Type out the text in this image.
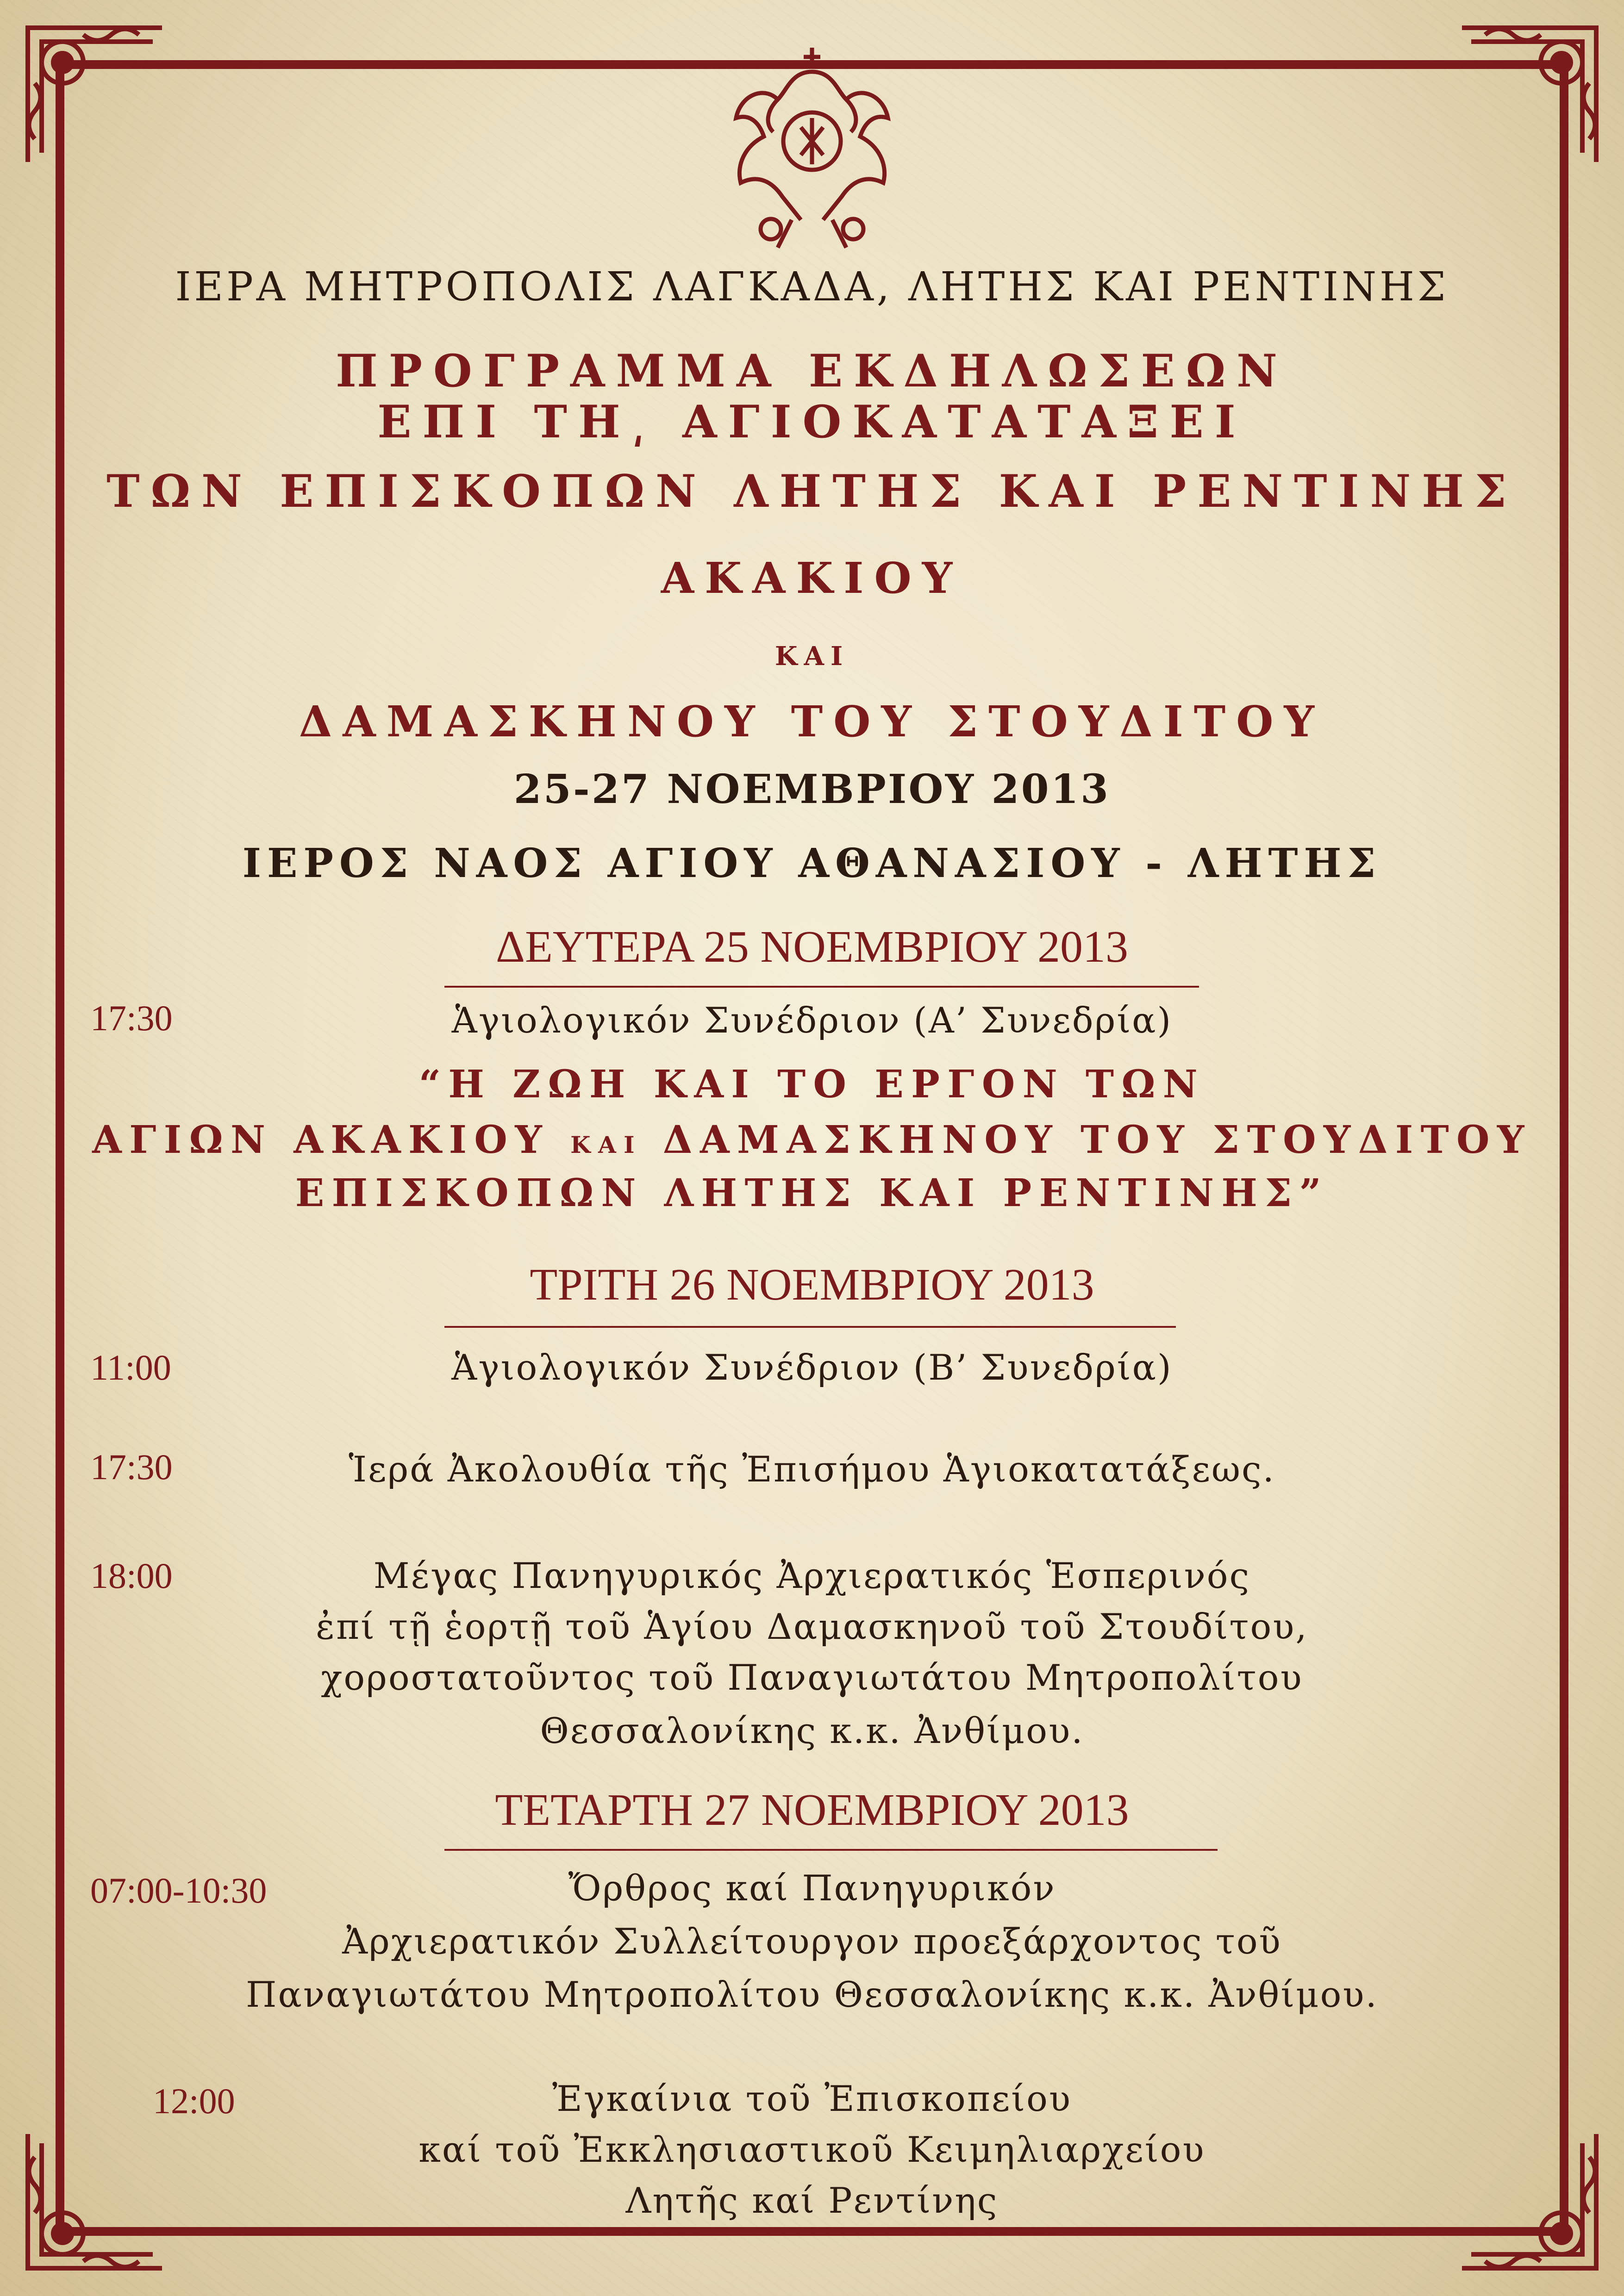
ΙΕΡΑ ΜΗΤΡΟΠΟΛΙΣ ΛΑΓΚΑΔΑ, ΛΗΤΗΣ ΚΑΙ ΡΕΝΤΙΝΗΣ
ΠΡΟΓΡΑΜΜΑ ΕΚΔΗΛΩΣΕΩΝ
ΕΠΙ ΤΗ͵ ΑΓΙΟΚΑΤΑΤΑΞΕΙ
ΤΩΝ ΕΠΙΣΚΟΠΩΝ ΛΗΤΗΣ ΚΑΙ ΡΕΝΤΙΝΗΣ
ΑΚΑΚΙΟΥ
ΚΑΙ
ΔΑΜΑΣΚΗΝΟΥ ΤΟΥ ΣΤΟΥΔΙΤΟΥ
25-27 ΝΟΕΜΒΡΙΟΥ 2013
ΙΕΡΟΣ ΝΑΟΣ ΑΓΙΟΥ ΑΘΑΝΑΣΙΟΥ - ΛΗΤΗΣ
ΔΕΥΤΕΡΑ 25 ΝΟΕΜΒΡΙΟΥ 2013
17:30	Ἁγιολογικόν Συνέδριον (Α’ Συνεδρία)
“Η ΖΩΗ ΚΑΙ ΤΟ ΕΡΓΟΝ ΤΩΝ
ΑΓΙΩΝ ΑΚΑΚΙΟΥ ΚΑΙ ΔΑΜΑΣΚΗΝΟΥ ΤΟΥ ΣΤΟΥΔΙΤΟΥ
ΕΠΙΣΚΟΠΩΝ ΛΗΤΗΣ ΚΑΙ ΡΕΝΤΙΝΗΣ”
ΤΡΙΤΗ 26 ΝΟΕΜΒΡΙΟΥ 2013
11:00	Ἁγιολογικόν Συνέδριον (Β’ Συνεδρία)
17:30	Ἱερά Ἀκολουθία τῆς Ἐπισήμου Ἁγιοκατατάξεως.
18:00	Μέγας Πανηγυρικός Ἀρχιερατικός Ἑσπερινός
ἐπί τῇ ἑορτῇ τοῦ Ἁγίου Δαμασκηνοῦ τοῦ Στουδίτου,
χοροστατοῦντος τοῦ Παναγιωτάτου Μητροπολίτου
Θεσσαλονίκης κ.κ. Ἀνθίμου.
ΤΕΤΑΡΤΗ 27 ΝΟΕΜΒΡΙΟΥ 2013
07:00-10:30	Ὄρθρος καί Πανηγυρικόν
Ἀρχιερατικόν Συλλείτουργον προεξάρχοντος τοῦ
Παναγιωτάτου Μητροπολίτου Θεσσαλονίκης κ.κ. Ἀνθίμου.
12:00	Ἐγκαίνια τοῦ Ἐπισκοπείου
καί τοῦ Ἐκκλησιαστικοῦ Κειμηλιαρχείου
Λητῆς καί Ρεντίνης
